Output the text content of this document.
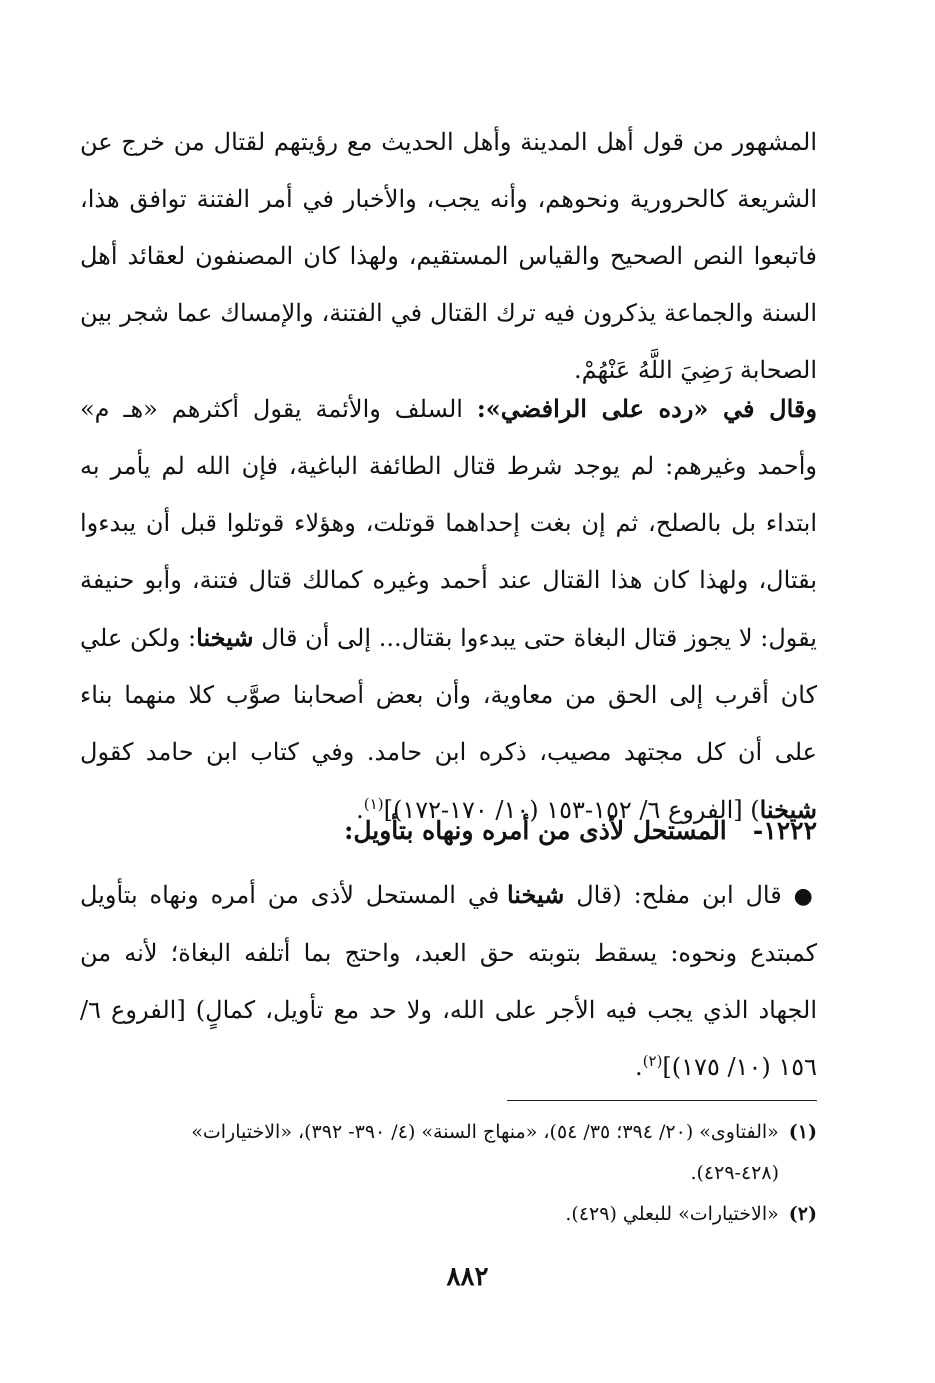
المشهور من قول أهل المدينة وأهل الحديث مع رؤيتهم لقتال من خرج عن الشريعة كالحرورية ونحوهم، وأنه يجب، والأخبار في أمر الفتنة توافق هذا، فاتبعوا النص الصحيح والقياس المستقيم، ولهذا كان المصنفون لعقائد أهل السنة والجماعة يذكرون فيه ترك القتال في الفتنة، والإمساك عما شجر بين الصحابة رَضِيَ اللَّهُ عَنْهُمْ.

وقال في «رده على الرافضي»: السلف والأئمة يقول أكثرهم «هـ م» وأحمد وغيرهم: لم يوجد شرط قتال الطائفة الباغية، فإن الله لم يأمر به ابتداء بل بالصلح، ثم إن بغت إحداهما قوتلت، وهؤلاء قوتلوا قبل أن يبدءوا بقتال، ولهذا كان هذا القتال عند أحمد وغيره كمالك قتال فتنة، وأبو حنيفة يقول: لا يجوز قتال البغاة حتى يبدءوا بقتال... إلى أن قال شيخنا: ولكن علي كان أقرب إلى الحق من معاوية، وأن بعض أصحابنا صوَّب كلا منهما بناء على أن كل مجتهد مصيب، ذكره ابن حامد. وفي كتاب ابن حامد كقول شيخنا) [الفروع ٦/ ١٥٢-١٥٣ (١٠/ ١٧٠-١٧٢)]$^{(١)}$.

١٢٢٢-   المستحل لأذى من أمره ونهاه بتأويل:

● قال ابن مفلح: (قال شيخنا في المستحل لأذى من أمره ونهاه بتأويل كمبتدع ونحوه: يسقط بتوبته حق العبد، واحتج بما أتلفه البغاة؛ لأنه من الجهاد الذي يجب فيه الأجر على الله، ولا حد مع تأويل، كمالٍ) [الفروع ٦/ ١٥٦ (١٠/ ١٧٥)]$^{(٢)}$.

(١)«الفتاوى» (٢٠/ ٣٩٤؛ ٣٥/ ٥٤)، «منهاج السنة» (٤/ ٣٩٠- ٣٩٢)، «الاختيارات»

(٤٢٨-٤٢٩).

(٢)«الاختيارات» للبعلي (٤٢٩).

٨٨٢
